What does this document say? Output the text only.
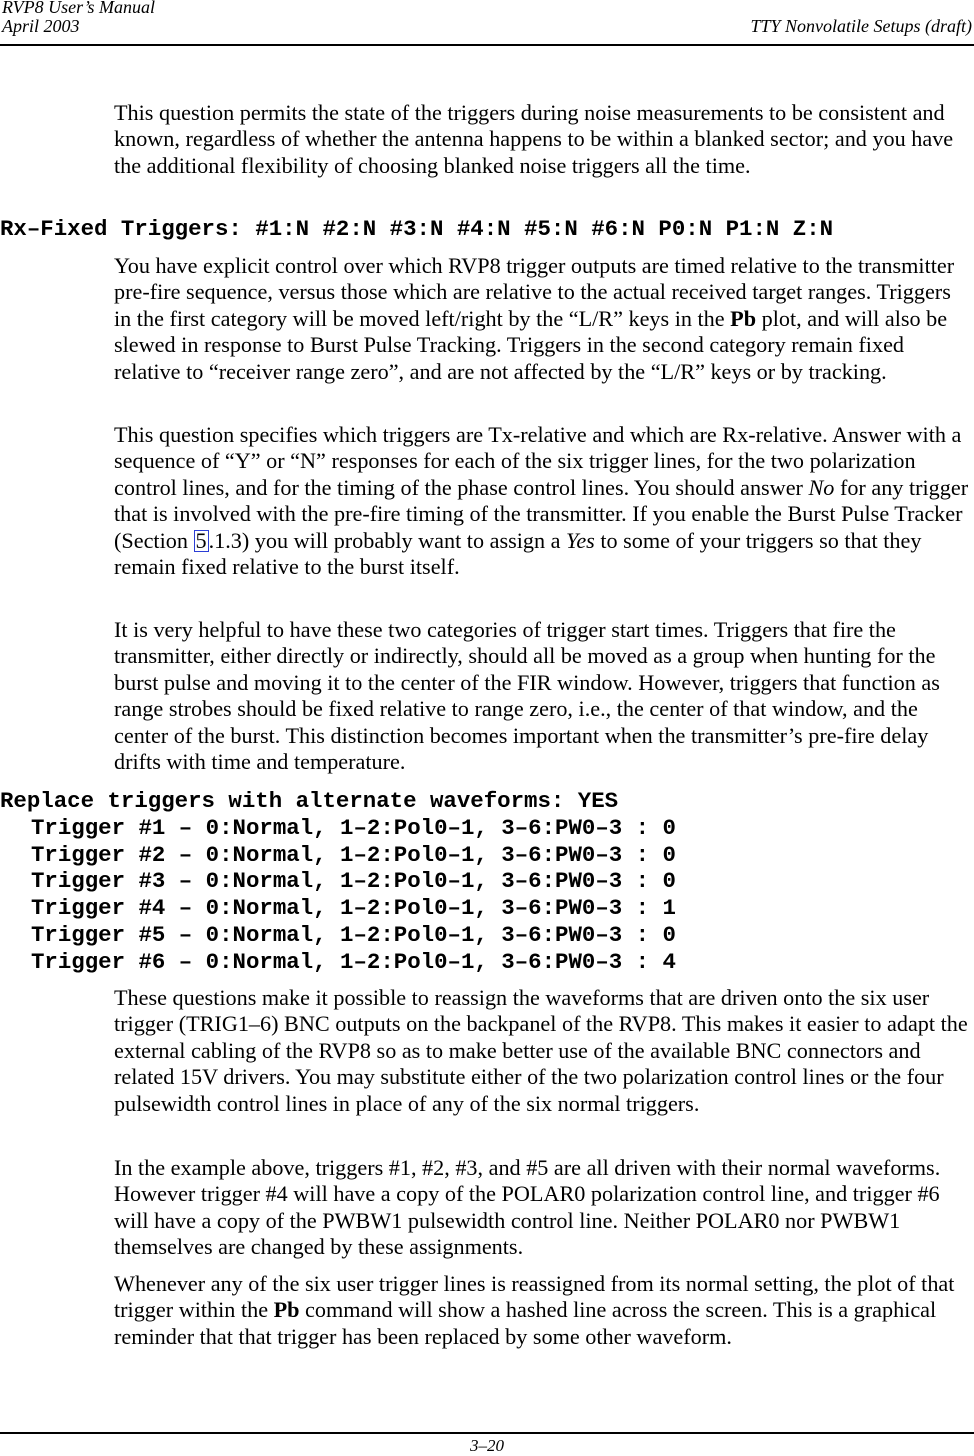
RVP8 User’s Manual
April 2003	TTY Nonvolatile Setups (draft)
This question permits the state of the triggers during noise measurements to be consistent and known, regardless of whether the antenna happens to be within a blanked sector; and you have the additional flexibility of choosing blanked noise triggers all the time.
Rx–Fixed Triggers: #1:N #2:N #3:N #4:N #5:N #6:N P0:N P1:N Z:N
You have explicit control over which RVP8 trigger outputs are timed relative to the transmitter pre-fire sequence, versus those which are relative to the actual received target ranges. Triggers in the first category will be moved left/right by the “L/R” keys in the Pb plot, and will also be slewed in response to Burst Pulse Tracking. Triggers in the second category remain fixed relative to “receiver range zero”, and are not affected by the “L/R” keys or by tracking.
This question specifies which triggers are Tx-relative and which are Rx-relative. Answer with a sequence of “Y” or “N” responses for each of the six trigger lines, for the two polarization control lines, and for the timing of the phase control lines. You should answer No for any trigger that is involved with the pre-fire timing of the transmitter. If you enable the Burst Pulse Tracker (Section 5.1.3) you will probably want to assign a Yes to some of your triggers so that they remain fixed relative to the burst itself.
It is very helpful to have these two categories of trigger start times. Triggers that fire the transmitter, either directly or indirectly, should all be moved as a group when hunting for the burst pulse and moving it to the center of the FIR window. However, triggers that function as range strobes should be fixed relative to range zero, i.e., the center of that window, and the center of the burst. This distinction becomes important when the transmitter’s pre-fire delay drifts with time and temperature.
Replace triggers with alternate waveforms: YES
Trigger #1 – 0:Normal, 1–2:Pol0–1, 3–6:PW0–3 : 0
Trigger #2 – 0:Normal, 1–2:Pol0–1, 3–6:PW0–3 : 0
Trigger #3 – 0:Normal, 1–2:Pol0–1, 3–6:PW0–3 : 0
Trigger #4 – 0:Normal, 1–2:Pol0–1, 3–6:PW0–3 : 1
Trigger #5 – 0:Normal, 1–2:Pol0–1, 3–6:PW0–3 : 0
Trigger #6 – 0:Normal, 1–2:Pol0–1, 3–6:PW0–3 : 4
These questions make it possible to reassign the waveforms that are driven onto the six user trigger (TRIG1–6) BNC outputs on the backpanel of the RVP8. This makes it easier to adapt the external cabling of the RVP8 so as to make better use of the available BNC connectors and related 15V drivers. You may substitute either of the two polarization control lines or the four pulsewidth control lines in place of any of the six normal triggers.
In the example above, triggers #1, #2, #3, and #5 are all driven with their normal waveforms. However trigger #4 will have a copy of the POLAR0 polarization control line, and trigger #6 will have a copy of the PWBW1 pulsewidth control line. Neither POLAR0 nor PWBW1 themselves are changed by these assignments.
Whenever any of the six user trigger lines is reassigned from its normal setting, the plot of that trigger within the Pb command will show a hashed line across the screen. This is a graphical reminder that that trigger has been replaced by some other waveform.
3–20
